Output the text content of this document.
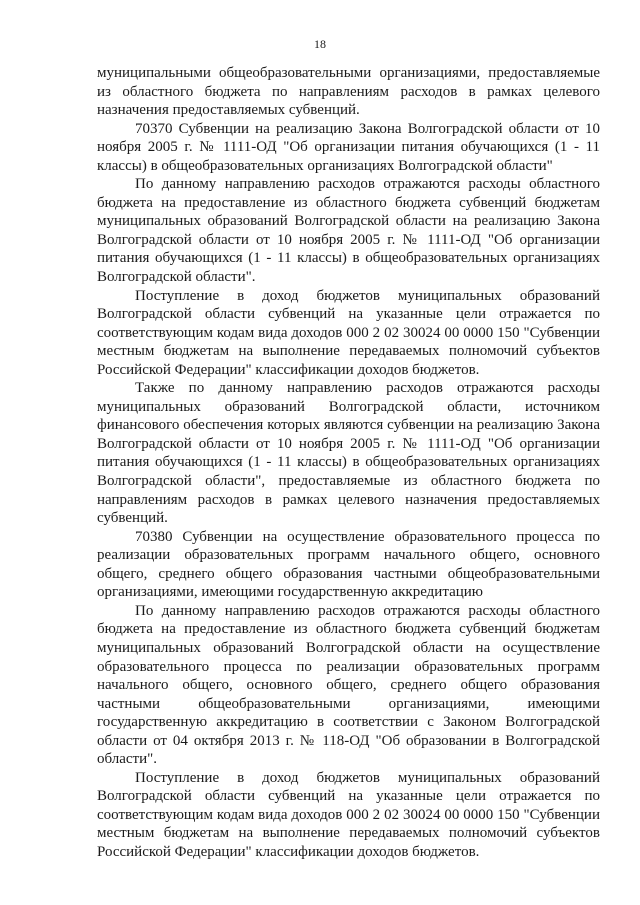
18

муниципальными общеобразовательными организациями, предоставляемые из областного бюджета по направлениям расходов в рамках целевого назначения предоставляемых субвенций.

70370 Субвенции на реализацию Закона Волгоградской области от 10 ноября 2005 г. № 1111-ОД "Об организации питания обучающихся (1 - 11 классы) в общеобразовательных организациях Волгоградской области"

По данному направлению расходов отражаются расходы областного бюджета на предоставление из областного бюджета субвенций бюджетам муниципальных образований Волгоградской области на реализацию Закона Волгоградской области от 10 ноября 2005 г. № 1111-ОД "Об организации питания обучающихся (1 - 11 классы) в общеобразовательных организациях Волгоградской области".

Поступление в доход бюджетов муниципальных образований Волгоградской области субвенций на указанные цели отражается по соответствующим кодам вида доходов 000 2 02 30024 00 0000 150 "Субвенции местным бюджетам на выполнение передаваемых полномочий субъектов Российской Федерации" классификации доходов бюджетов.

Также по данному направлению расходов отражаются расходы муниципальных образований Волгоградской области, источником финансового обеспечения которых являются субвенции на реализацию Закона Волгоградской области от 10 ноября 2005 г. № 1111-ОД "Об организации питания обучающихся (1 - 11 классы) в общеобразовательных организациях Волгоградской области", предоставляемые из областного бюджета по направлениям расходов в рамках целевого назначения предоставляемых субвенций.

70380 Субвенции на осуществление образовательного процесса по реализации образовательных программ начального общего, основного общего, среднего общего образования частными общеобразовательными организациями, имеющими государственную аккредитацию

По данному направлению расходов отражаются расходы областного бюджета на предоставление из областного бюджета субвенций бюджетам муниципальных образований Волгоградской области на осуществление образовательного процесса по реализации образовательных программ начального общего, основного общего, среднего общего образования частными общеобразовательными организациями, имеющими государственную аккредитацию в соответствии с Законом Волгоградской области от 04 октября 2013 г. № 118-ОД "Об образовании в Волгоградской области".

Поступление в доход бюджетов муниципальных образований Волгоградской области субвенций на указанные цели отражается по соответствующим кодам вида доходов 000 2 02 30024 00 0000 150 "Субвенции местным бюджетам на выполнение передаваемых полномочий субъектов Российской Федерации" классификации доходов бюджетов.
